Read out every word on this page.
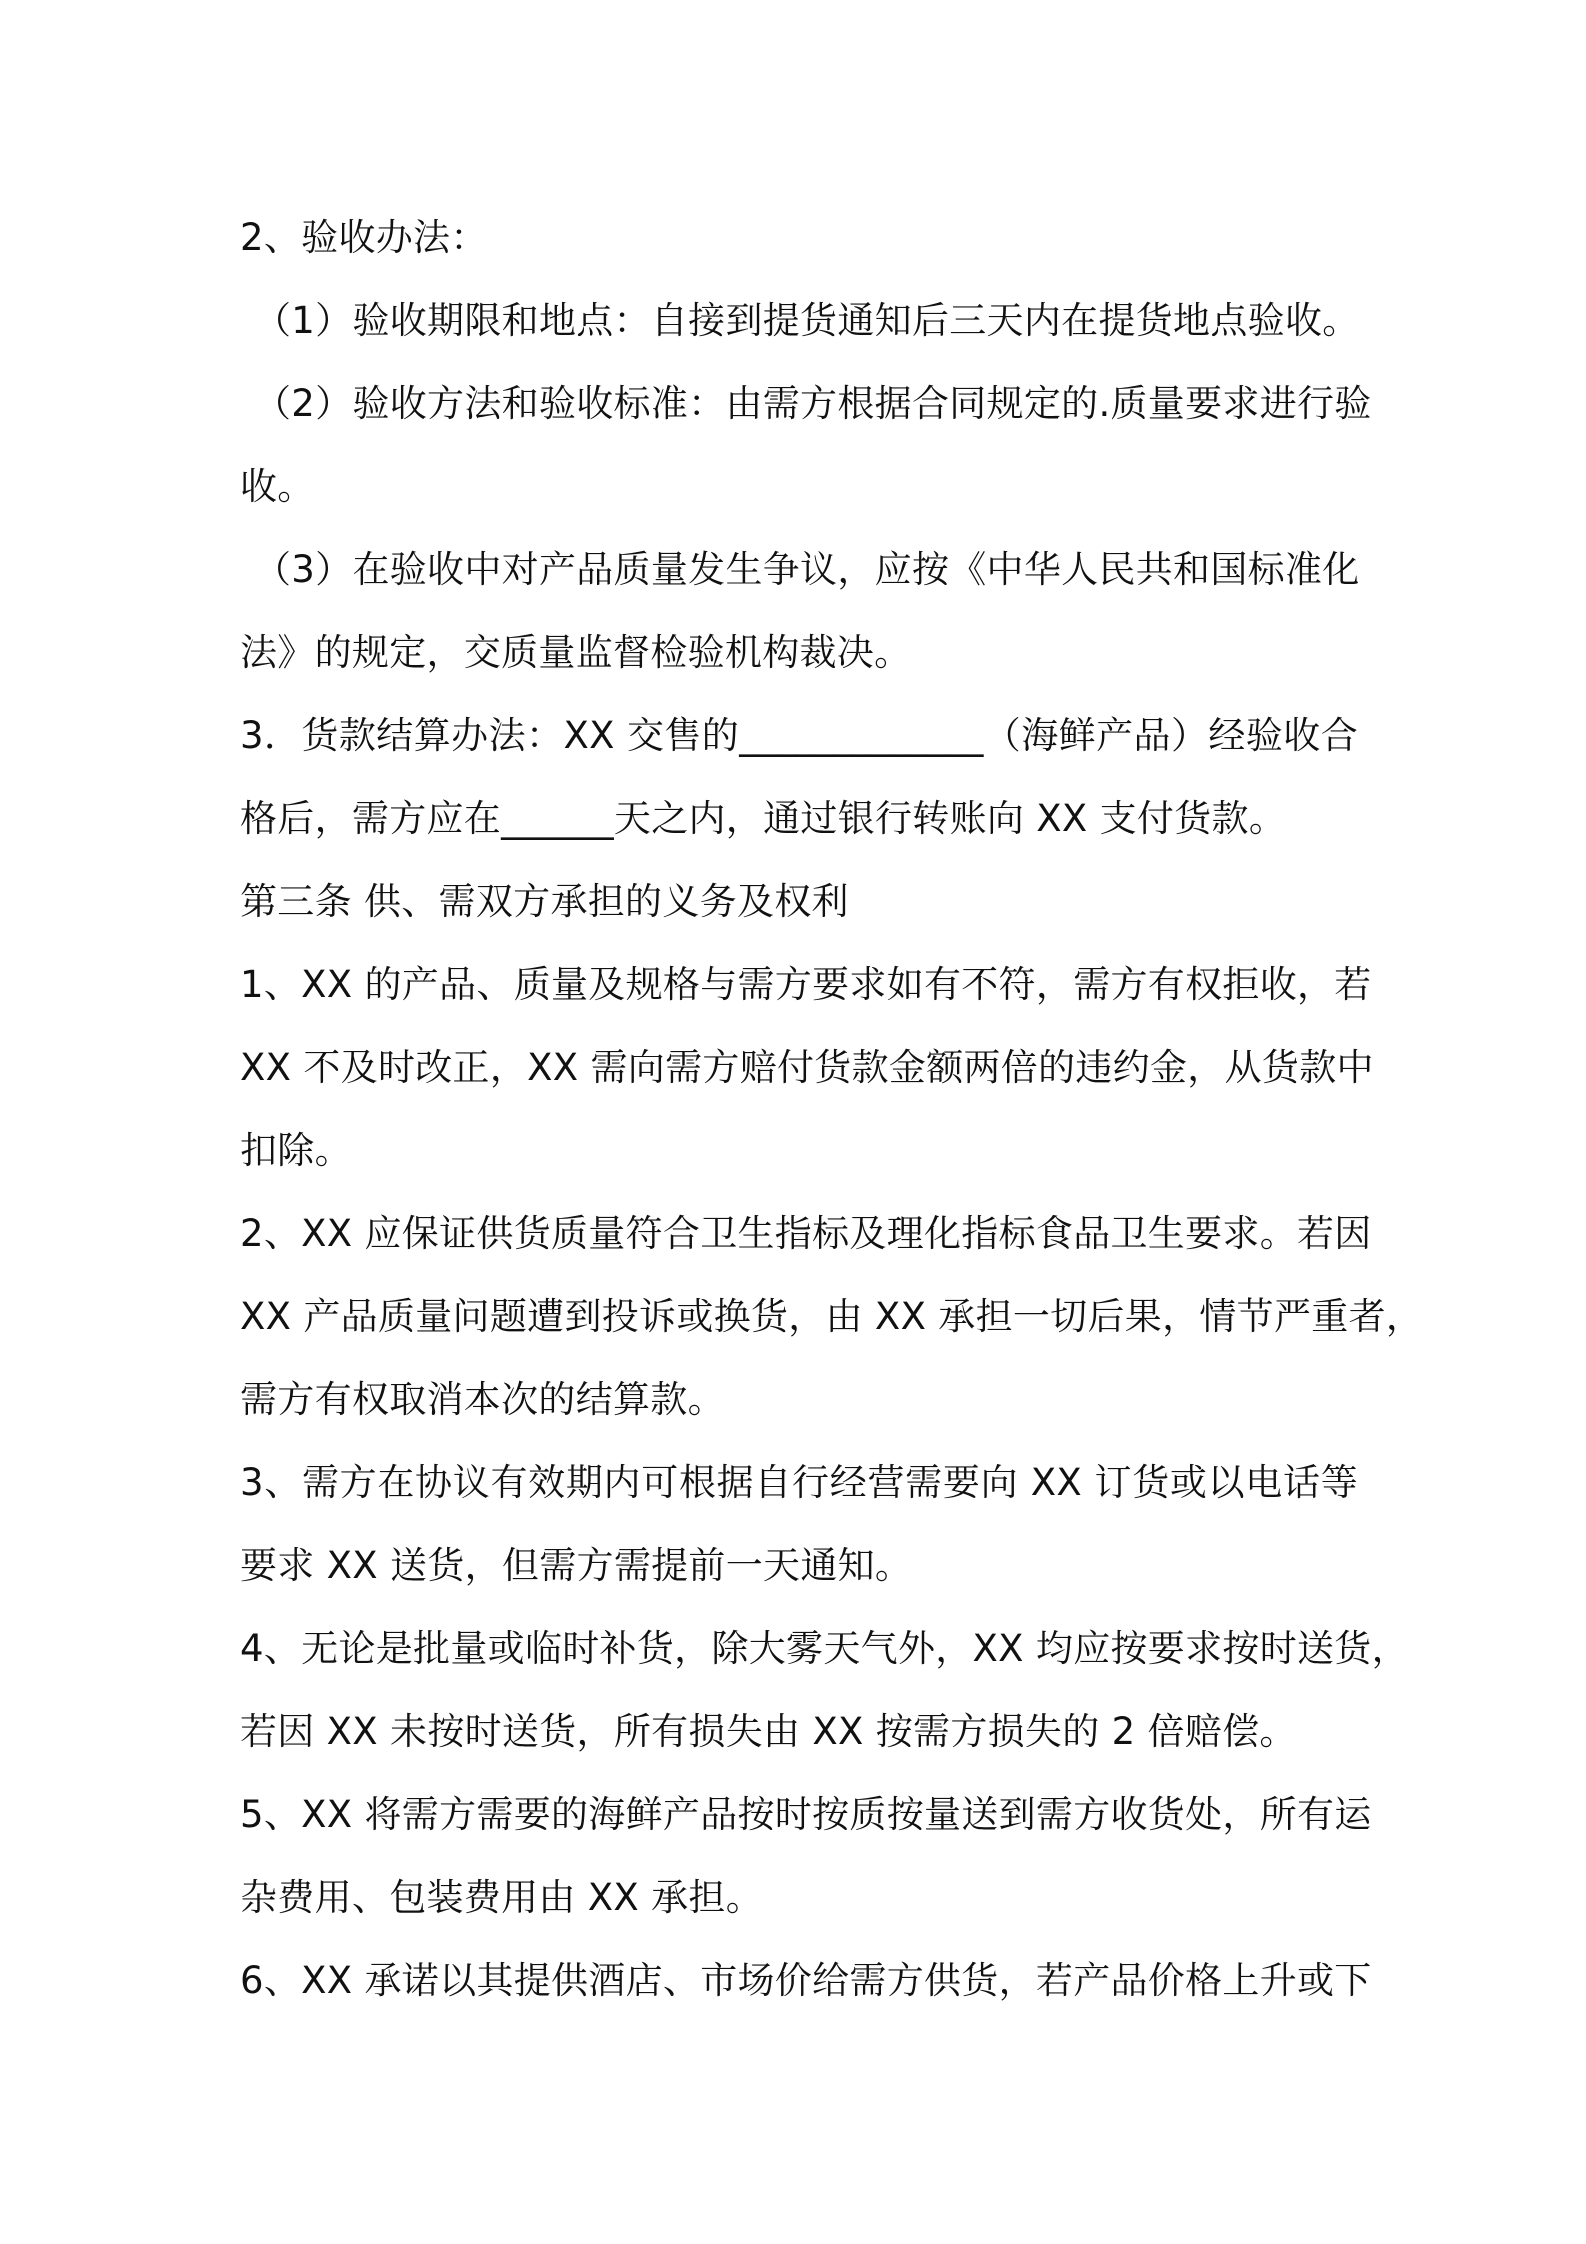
2、验收办法：
（1）验收期限和地点：自接到提货通知后三天内在提货地点验收。
（2）验收方法和验收标准：由需方根据合同规定的.质量要求进行验
收。
（3）在验收中对产品质量发生争议，应按《中华人民共和国标准化
法》的规定，交质量监督检验机构裁决。
3．货款结算办法：XX 交售的_____________（海鲜产品）经验收合
格后，需方应在______天之内，通过银行转账向 XX 支付货款。
第三条 供、需双方承担的义务及权利
1、XX 的产品、质量及规格与需方要求如有不符，需方有权拒收，若
XX 不及时改正，XX 需向需方赔付货款金额两倍的违约金，从货款中
扣除。
2、XX 应保证供货质量符合卫生指标及理化指标食品卫生要求。若因
XX 产品质量问题遭到投诉或换货，由 XX 承担一切后果，情节严重者，
需方有权取消本次的结算款。
3、需方在协议有效期内可根据自行经营需要向 XX 订货或以电话等
要求 XX 送货，但需方需提前一天通知。
4、无论是批量或临时补货，除大雾天气外，XX 均应按要求按时送货，
若因 XX 未按时送货，所有损失由 XX 按需方损失的 2 倍赔偿。
5、XX 将需方需要的海鲜产品按时按质按量送到需方收货处，所有运
杂费用、包装费用由 XX 承担。
6、XX 承诺以其提供酒店、市场价给需方供货，若产品价格上升或下
